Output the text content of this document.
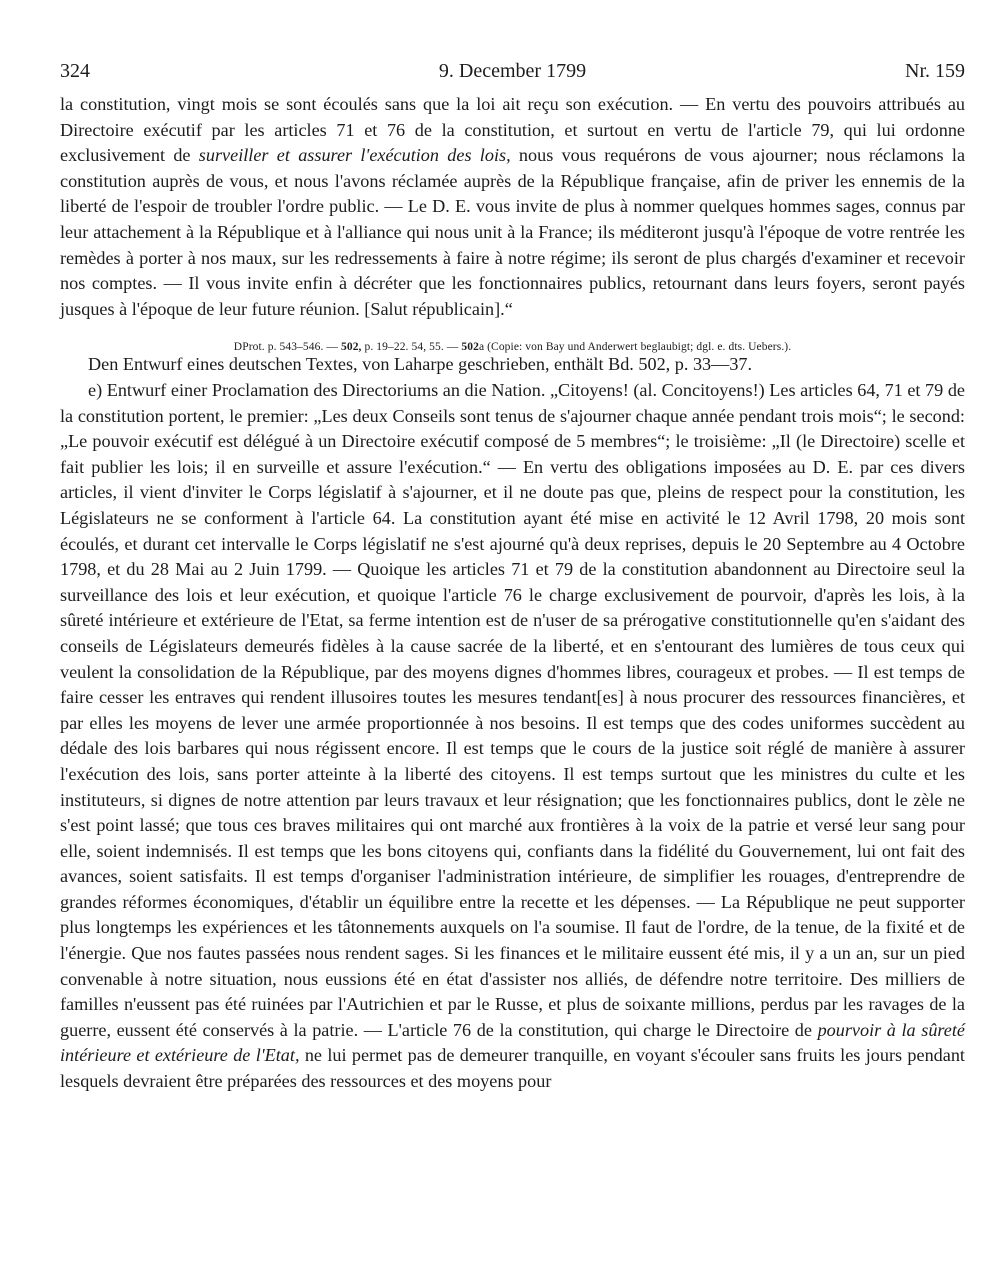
324	9. December 1799	Nr. 159

la constitution, vingt mois se sont écoulés sans que la loi ait reçu son exécution. — En vertu des pouvoirs attribués au Directoire exécutif par les articles 71 et 76 de la constitution, et surtout en vertu de l'article 79, qui lui ordonne exclusivement de surveiller et assurer l'exécution des lois, nous vous requérons de vous ajourner; nous réclamons la constitution auprès de vous, et nous l'avons réclamée auprès de la République française, afin de priver les ennemis de la liberté de l'espoir de troubler l'ordre public. — Le D. E. vous invite de plus à nommer quelques hommes sages, connus par leur attachement à la République et à l'alliance qui nous unit à la France; ils méditeront jusqu'à l'époque de votre rentrée les remèdes à porter à nos maux, sur les redressements à faire à notre régime; ils seront de plus chargés d'examiner et recevoir nos comptes. — Il vous invite enfin à décréter que les fonctionnaires publics, retournant dans leurs foyers, seront payés jusques à l'époque de leur future réunion. [Salut républicain].“

DProt. p. 543–546. — 502, p. 19–22. 54, 55. — 502a (Copie: von Bay und Anderwert beglaubigt; dgl. e. dts. Uebers.).
Den Entwurf eines deutschen Textes, von Laharpe geschrieben, enthält Bd. 502, p. 33—37.

e) Entwurf einer Proclamation des Directoriums an die Nation. „Citoyens! (al. Concitoyens!) Les articles 64, 71 et 79 de la constitution portent, le premier: „Les deux Conseils sont tenus de s'ajourner chaque année pendant trois mois“; le second: „Le pouvoir exécutif est délégué à un Directoire exécutif composé de 5 membres“; le troisième: „Il (le Directoire) scelle et fait publier les lois; il en surveille et assure l'exécution.“ — En vertu des obligations imposées au D. E. par ces divers articles, il vient d'inviter le Corps législatif à s'ajourner, et il ne doute pas que, pleins de respect pour la constitution, les Législateurs ne se conforment à l'article 64. La constitution ayant été mise en activité le 12 Avril 1798, 20 mois sont écoulés, et durant cet intervalle le Corps législatif ne s'est ajourné qu'à deux reprises, depuis le 20 Septembre au 4 Octobre 1798, et du 28 Mai au 2 Juin 1799. — Quoique les articles 71 et 79 de la constitution abandonnent au Directoire seul la surveillance des lois et leur exécution, et quoique l'article 76 le charge exclusivement de pourvoir, d'après les lois, à la sûreté intérieure et extérieure de l'Etat, sa ferme intention est de n'user de sa prérogative constitutionnelle qu'en s'aidant des conseils de Législateurs demeurés fidèles à la cause sacrée de la liberté, et en s'entourant des lumières de tous ceux qui veulent la consolidation de la République, par des moyens dignes d'hommes libres, courageux et probes. — Il est temps de faire cesser les entraves qui rendent illusoires toutes les mesures tendant[es] à nous procurer des ressources financières, et par elles les moyens de lever une armée proportionnée à nos besoins. Il est temps que des codes uniformes succèdent au dédale des lois barbares qui nous régissent encore. Il est temps que le cours de la justice soit réglé de manière à assurer l'exécution des lois, sans porter atteinte à la liberté des citoyens. Il est temps surtout que les ministres du culte et les instituteurs, si dignes de notre attention par leurs travaux et leur résignation; que les fonctionnaires publics, dont le zèle ne s'est point lassé; que tous ces braves militaires qui ont marché aux frontières à la voix de la patrie et versé leur sang pour elle, soient indemnisés. Il est temps que les bons citoyens qui, confiants dans la fidélité du Gouvernement, lui ont fait des avances, soient satisfaits. Il est temps d'organiser l'administration intérieure, de simplifier les rouages, d'entreprendre de grandes réformes économiques, d'établir un équilibre entre la recette et les dépenses. — La République ne peut supporter plus longtemps les expériences et les tâtonnements auxquels on l'a soumise. Il faut de l'ordre, de la tenue, de la fixité et de l'énergie. Que nos fautes passées nous rendent sages. Si les finances et le militaire eussent été mis, il y a un an, sur un pied convenable à notre situation, nous eussions été en état d'assister nos alliés, de défendre notre territoire. Des milliers de familles n'eussent pas été ruinées par l'Autrichien et par le Russe, et plus de soixante millions, perdus par les ravages de la guerre, eussent été conservés à la patrie. — L'article 76 de la constitution, qui charge le Directoire de pourvoir à la sûreté intérieure et extérieure de l'Etat, ne lui permet pas de demeurer tranquille, en voyant s'écouler sans fruits les jours pendant lesquels devraient être préparées des ressources et des moyens pour
